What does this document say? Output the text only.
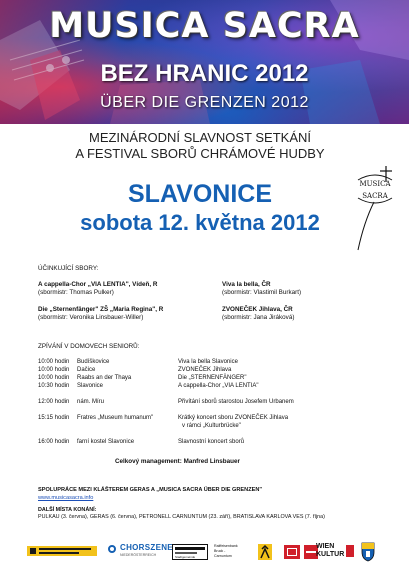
MUSICA SACRA
BEZ HRANIC 2012
ÜBER DIE GRENZEN 2012
MEZINÁRODNÍ SLAVNOST SETKÁNÍ
A FESTIVAL SBORŮ CHRÁMOVÉ HUDBY
SLAVONICE
sobota 12. května 2012
MUSICA
SACRA
ÚČINKUJÍCÍ SBORY:
A cappella-Chor „VIA LENTIA", Vídeň, R
(sbormistr: Thomas Pulker)
Viva la bella, ČR
(sbormistr: Vlastimil Burkart)
Die „Sternenfänger" ZŠ „Maria Regina", R
(sbormistr: Veronika Linsbauer-Willer)
ZVONEČEK Jihlava, ČR
(sbormistr: Jana Jiráková)
ZPÍVÁNÍ V DOMOVECH SENIORŮ:
10:00 hodin Budíškovice	Viva la bella Slavonice
10:00 hodin Dačice	ZVONEČEK Jihlava
10:00 hodin Raabs an der Thaya	Die „STERNENFÄNGER"
10:30 hodin Slavonice	A cappella-Chor „VIA LENTIA"
12:00 hodin nám. Míru	Přivítání sborů starostou Josefem Urbanem
15:15 hodin Fratres „Museum humanum"	Krátký koncert sboru ZVONEČEK Jihlava
v rámci „Kulturbrücke"
16:00 hodin farní kostel Slavonice	Slavnostní koncert sborů
Celkový management: Manfred Linsbauer
SPOLUPRÁCE MEZI KLÁŠTEREM GERAS A „MUSICA SACRA ÜBER DIE GRENZEN"
www.musicasacra.info
DALŠÍ MÍSTA KONÁNÍ:
PULKAU (3. června), GERAS (6. června), PETRONELL CARNUNTUM (23. září), BRATISLAVA KARLOVA VES (7. října)
CHORSZENE
NIEDERÖSTERREICH	Stadtgemeinde
Raiffeisenbank Bruck - Carnuntum
WIEN
KULTUR
